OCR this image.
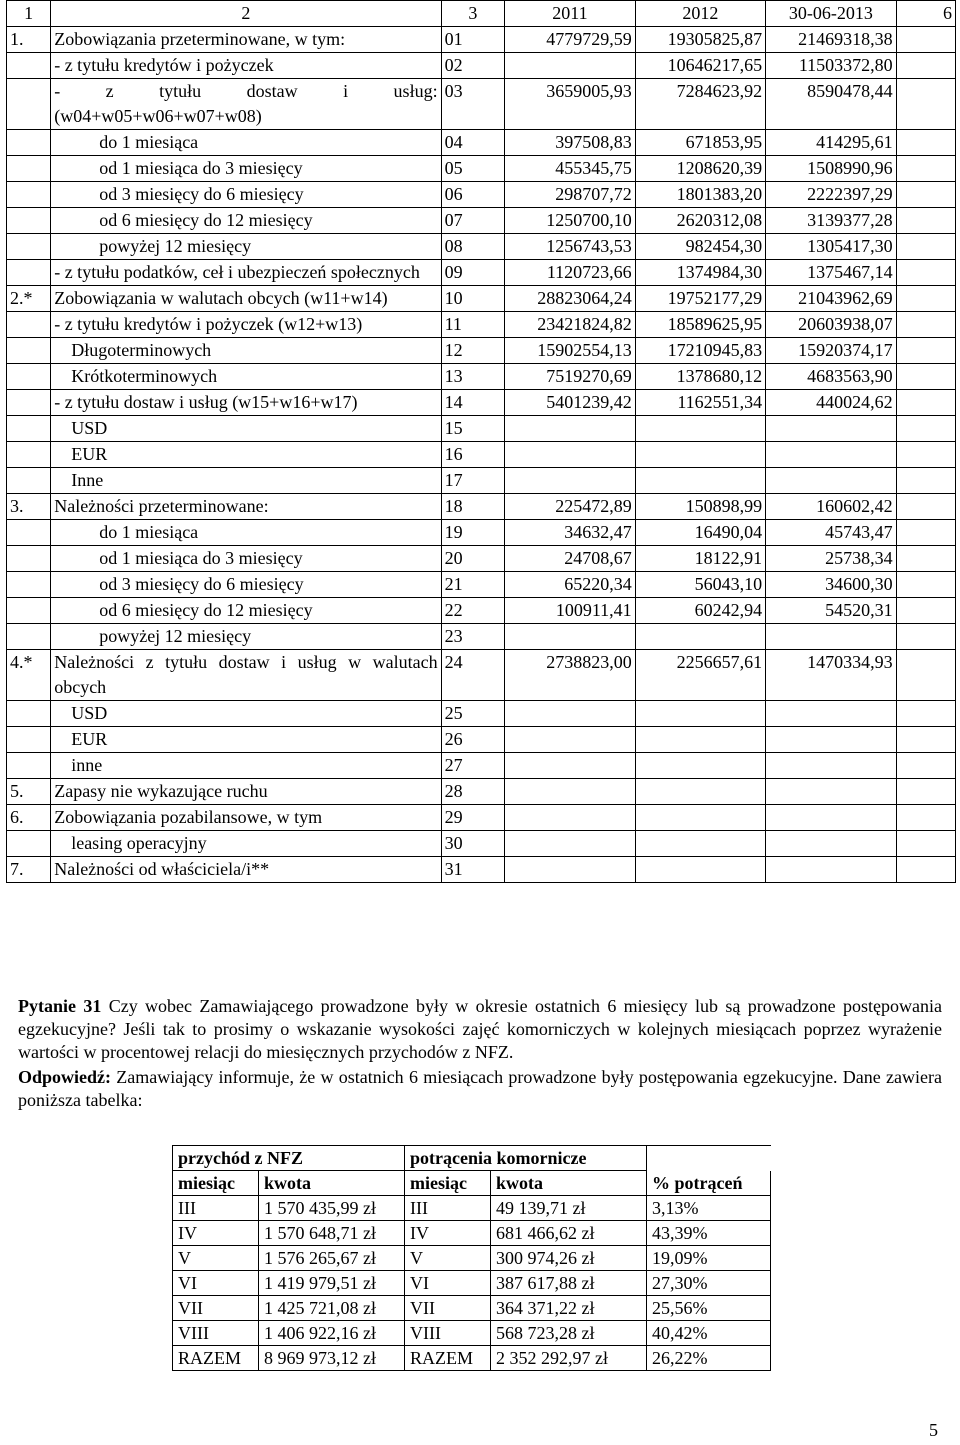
1	2	3	2011	2012	30-06-2013	6
1.	Zobowiązania przeterminowane, w tym:	01	4779729,59	19305825,87	21469318,38	
	- z tytułu kredytów i pożyczek	02		10646217,65	11503372,80	
	- z tytułu dostaw i usług: (w04+w05+w06+w07+w08)	03	3659005,93	7284623,92	8590478,44	
	do 1 miesiąca	04	397508,83	671853,95	414295,61	
	od 1 miesiąca do 3 miesięcy	05	455345,75	1208620,39	1508990,96	
	od 3 miesięcy do 6 miesięcy	06	298707,72	1801383,20	2222397,29	
	od 6 miesięcy do 12 miesięcy	07	1250700,10	2620312,08	3139377,28	
	powyżej 12 miesięcy	08	1256743,53	982454,30	1305417,30	
	- z tytułu podatków, ceł i ubezpieczeń społecznych	09	1120723,66	1374984,30	1375467,14	
2.*	Zobowiązania w walutach obcych (w11+w14)	10	28823064,24	19752177,29	21043962,69	
	- z tytułu kredytów i pożyczek (w12+w13)	11	23421824,82	18589625,95	20603938,07	
	Długoterminowych	12	15902554,13	17210945,83	15920374,17	
	Krótkoterminowych	13	7519270,69	1378680,12	4683563,90	
	- z tytułu dostaw i usług (w15+w16+w17)	14	5401239,42	1162551,34	440024,62	
	USD	15				
	EUR	16				
	Inne	17				
3.	Należności przeterminowane:	18	225472,89	150898,99	160602,42	
	do 1 miesiąca	19	34632,47	16490,04	45743,47	
	od 1 miesiąca do 3 miesięcy	20	24708,67	18122,91	25738,34	
	od 3 miesięcy do 6 miesięcy	21	65220,34	56043,10	34600,30	
	od 6 miesięcy do 12 miesięcy	22	100911,41	60242,94	54520,31	
	powyżej 12 miesięcy	23				
4.*	Należności z tytułu dostaw i usług w walutach obcych	24	2738823,00	2256657,61	1470334,93	
	USD	25				
	EUR	26				
	inne	27				
5.	Zapasy nie wykazujące ruchu	28				
6.	Zobowiązania pozabilansowe, w tym	29				
	leasing operacyjny	30				
7.	Należności od właściciela/i**	31				

Pytanie 31 Czy wobec Zamawiającego prowadzone były w okresie ostatnich 6 miesięcy lub są prowadzone postępowania egzekucyjne? Jeśli tak to prosimy o wskazanie wysokości zajęć komorniczych w kolejnych miesiącach poprzez wyrażenie wartości w procentowej relacji do miesięcznych przychodów z NFZ.

Odpowiedź: Zamawiający informuje, że w ostatnich 6 miesiącach prowadzone były postępowania egzekucyjne. Dane zawiera poniższa tabelka:

przychód z NFZ		potrącenia komornicze		
miesiąc	kwota	miesiąc	kwota	% potrąceń
III	1 570 435,99 zł	III	49 139,71 zł	3,13%
IV	1 570 648,71 zł	IV	681 466,62 zł	43,39%
V	1 576 265,67 zł	V	300 974,26 zł	19,09%
VI	1 419 979,51 zł	VI	387 617,88 zł	27,30%
VII	1 425 721,08 zł	VII	364 371,22 zł	25,56%
VIII	1 406 922,16 zł	VIII	568 723,28 zł	40,42%
RAZEM	8 969 973,12 zł	RAZEM	2 352 292,97 zł	26,22%
5
